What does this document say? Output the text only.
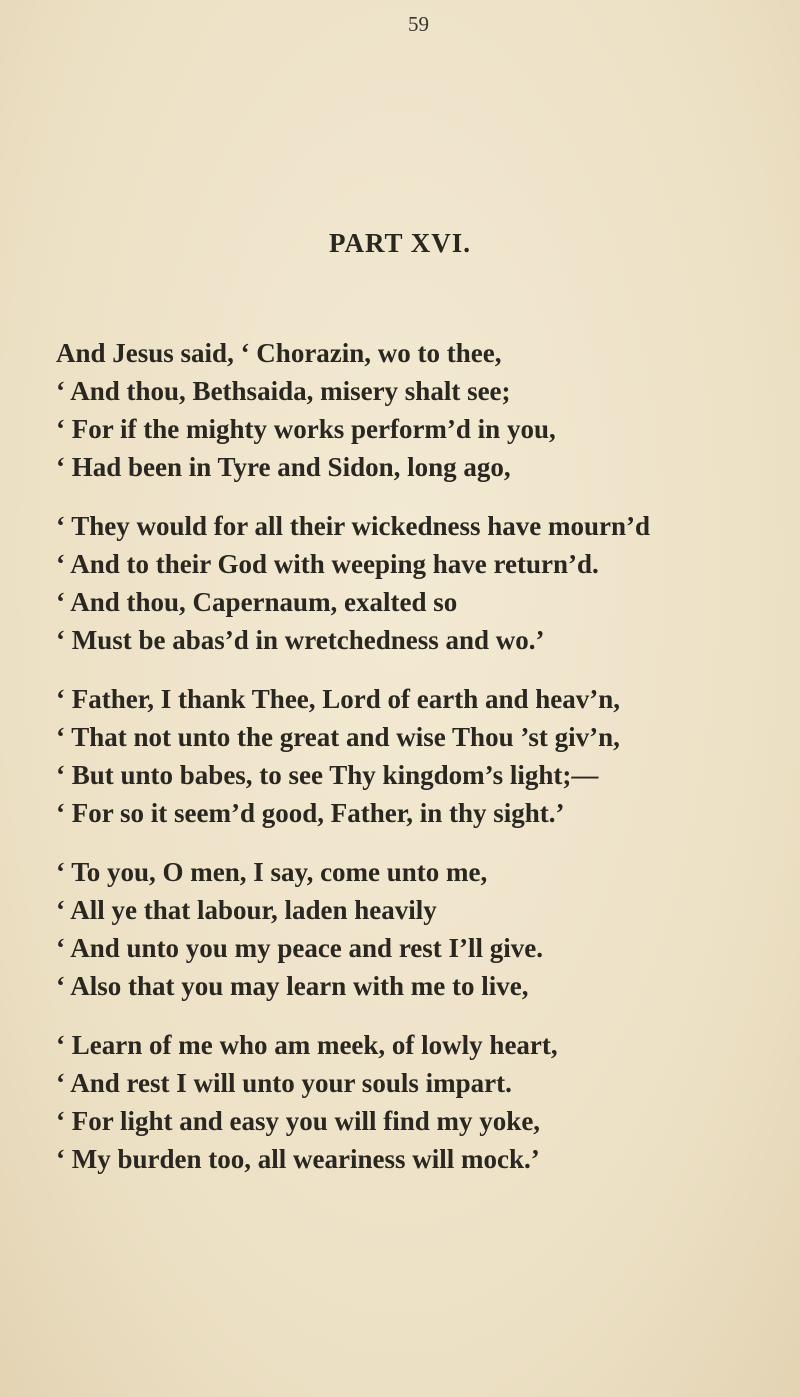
59
PART XVI.
And Jesus said, ‘ Chorazin, wo to thee,
‘ And thou, Bethsaida, misery shalt see;
‘ For if the mighty works perform’d in you,
‘ Had been in Tyre and Sidon, long ago,
‘ They would for all their wickedness have mourn’d
‘ And to their God with weeping have return’d.
‘ And thou, Capernaum, exalted so
‘ Must be abas’d in wretchedness and wo.’
‘ Father, I thank Thee, Lord of earth and heav’n,
‘ That not unto the great and wise Thou ’st giv’n,
‘ But unto babes, to see Thy kingdom’s light;—
‘ For so it seem’d good, Father, in thy sight.’
‘ To you, O men, I say, come unto me,
‘ All ye that labour, laden heavily
‘ And unto you my peace and rest I’ll give.
‘ Also that you may learn with me to live,
‘ Learn of me who am meek, of lowly heart,
‘ And rest I will unto your souls impart.
‘ For light and easy you will find my yoke,
‘ My burden too, all weariness will mock.’
